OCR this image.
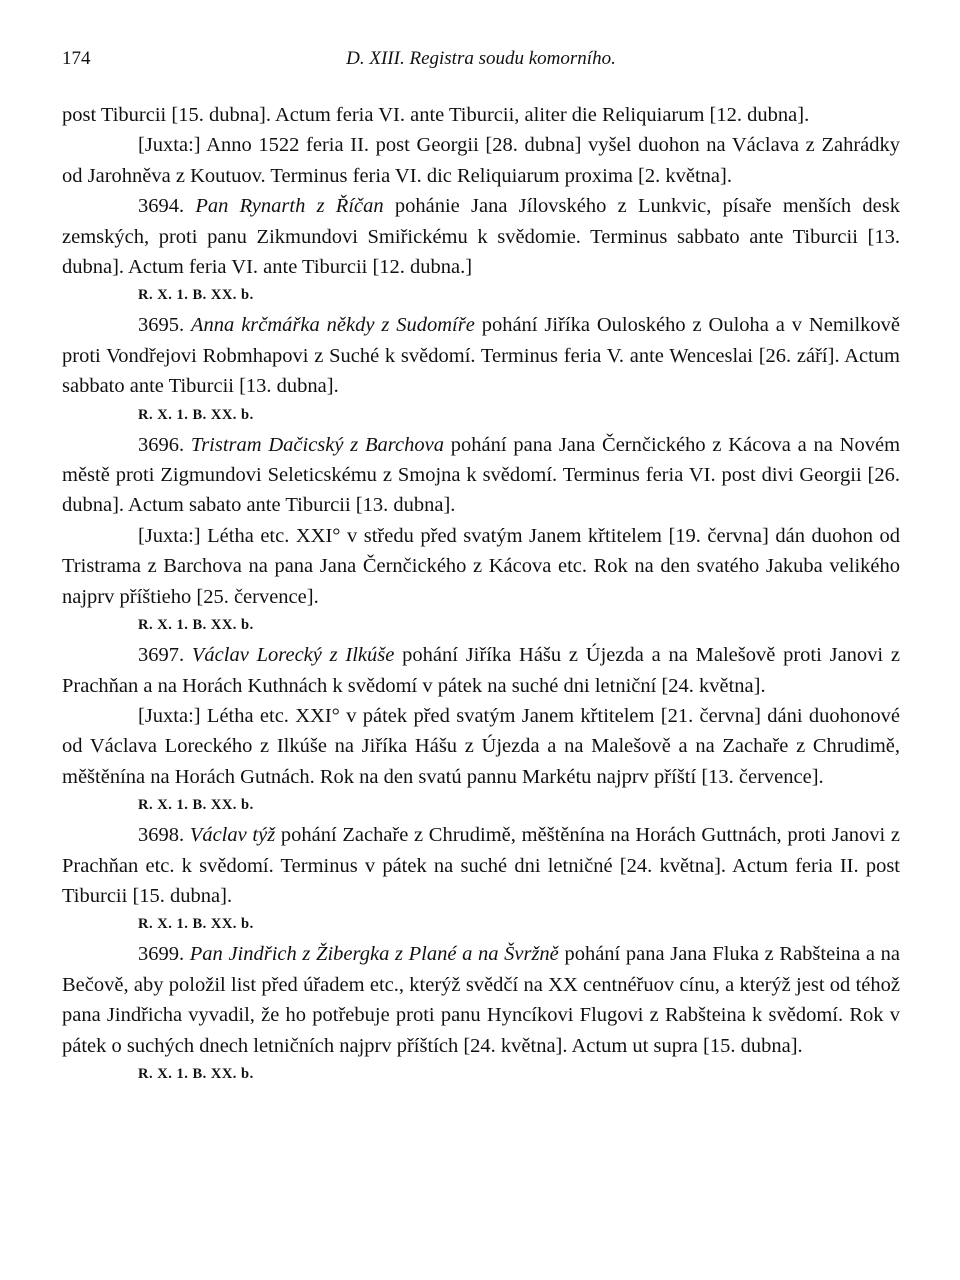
174	D. XIII. Registra soudu komorního.

post Tiburcii [15. dubna]. Actum feria VI. ante Tiburcii, aliter die Reliquiarum [12. dubna].

[Juxta:] Anno 1522 feria II. post Georgii [28. dubna] vyšel duohon na Václava z Zahrádky od Jarohněva z Koutuov. Terminus feria VI. dic Reliquiarum proxima [2. května].

3694. Pan Rynarth z Říčan pohánie Jana Jílovského z Lunkvic, písaře menších desk zemských, proti panu Zikmundovi Smiřickému k svědomie. Terminus sabbato ante Tiburcii [13. dubna]. Actum feria VI. ante Tiburcii [12. dubna.]

R. X. 1. B. XX. b.

3695. Anna krčmářka někdy z Sudomíře pohání Jiříka Ouloského z Ouloha a v Nemilkově proti Vondřejovi Robmhapovi z Suché k svědomí. Terminus feria V. ante Wenceslai [26. září]. Actum sabbato ante Tiburcii [13. dubna].

R. X. 1. B. XX. b.

3696. Tristram Dačicský z Barchova pohání pana Jana Černčického z Kácova a na Novém městě proti Zigmundovi Seleticskému z Smojna k svědomí. Terminus feria VI. post divi Georgii [26. dubna]. Actum sabato ante Tiburcii [13. dubna].

[Juxta:] Létha etc. XXI° v středu před svatým Janem křtitelem [19. června] dán duohon od Tristrama z Barchova na pana Jana Černčického z Kácova etc. Rok na den svatého Jakuba velikého najprv příštieho [25. července].

R. X. 1. B. XX. b.

3697. Václav Lorecký z Ilkúše pohání Jiříka Hášu z Újezda a na Malešově proti Janovi z Prachňan a na Horách Kuthnách k svědomí v pátek na suché dni letniční [24. května].

[Juxta:] Létha etc. XXI° v pátek před svatým Janem křtitelem [21. června] dáni duohonové od Václava Loreckého z Ilkúše na Jiříka Hášu z Újezda a na Malešově a na Zachaře z Chrudimě, měštěnína na Horách Gutnách. Rok na den svatú pannu Markétu najprv příští [13. července].

R. X. 1. B. XX. b.

3698. Václav týž pohání Zachaře z Chrudimě, měštěnína na Horách Guttnách, proti Janovi z Prachňan etc. k svědomí. Terminus v pátek na suché dni letničné [24. května]. Actum feria II. post Tiburcii [15. dubna].

R. X. 1. B. XX. b.

3699. Pan Jindřich z Žibergka z Plané a na Švržně pohání pana Jana Fluka z Rabšteina a na Bečově, aby položil list před úřadem etc., kterýž svědčí na XX centnéřuov cínu, a kterýž jest od téhož pana Jindřicha vyvadil, že ho potřebuje proti panu Hyncíkovi Flugovi z Rabšteina k svědomí. Rok v pátek o suchých dnech letničních najprv příštích [24. května]. Actum ut supra [15. dubna].

R. X. 1. B. XX. b.
